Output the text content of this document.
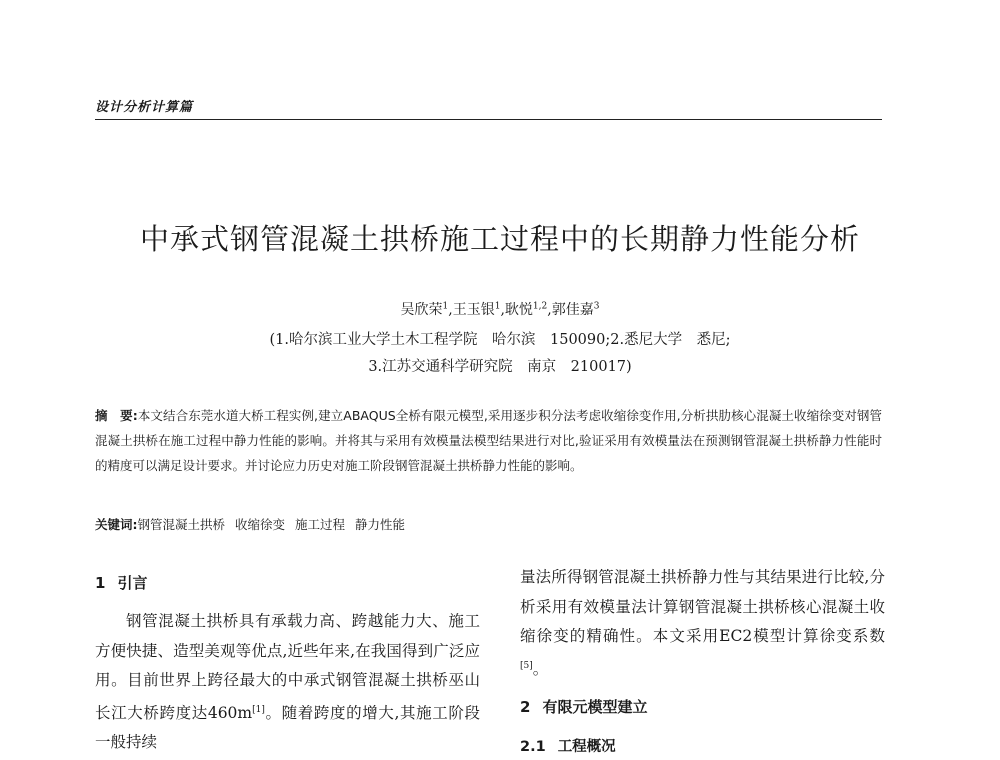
设计分析计算篇
中承式钢管混凝土拱桥施工过程中的长期静力性能分析
吴欣荣$^1$,王玉银$^1$,耿悦$^{1,2}$,郭佳嘉$^3$
(1.哈尔滨工业大学土木工程学院　哈尔滨　150090;2.悉尼大学　悉尼;
3.江苏交通科学研究院　南京　210017)
摘　要:本文结合东莞水道大桥工程实例,建立ABAQUS全桥有限元模型,采用逐步积分法考虑收缩徐变作用,分析拱肋核心混凝土收缩徐变对钢管混凝土拱桥在施工过程中静力性能的影响。并将其与采用有效模量法模型结果进行对比,验证采用有效模量法在预测钢管混凝土拱桥静力性能时的精度可以满足设计要求。并讨论应力历史对施工阶段钢管混凝土拱桥静力性能的影响。
关键词:钢管混凝土拱桥 收缩徐变 施工过程 静力性能
1 引言

钢管混凝土拱桥具有承载力高、跨越能力大、施工方便快捷、造型美观等优点,近些年来,在我国得到广泛应用。目前世界上跨径最大的中承式钢管混凝土拱桥巫山长江大桥跨度达460m[1]。随着跨度的增大,其施工阶段一般持续

量法所得钢管混凝土拱桥静力性与其结果进行比较,分析采用有效模量法计算钢管混凝土拱桥核心混凝土收缩徐变的精确性。本文采用EC2模型计算徐变系数[5]。

2 有限元模型建立
2.1 工程概况
